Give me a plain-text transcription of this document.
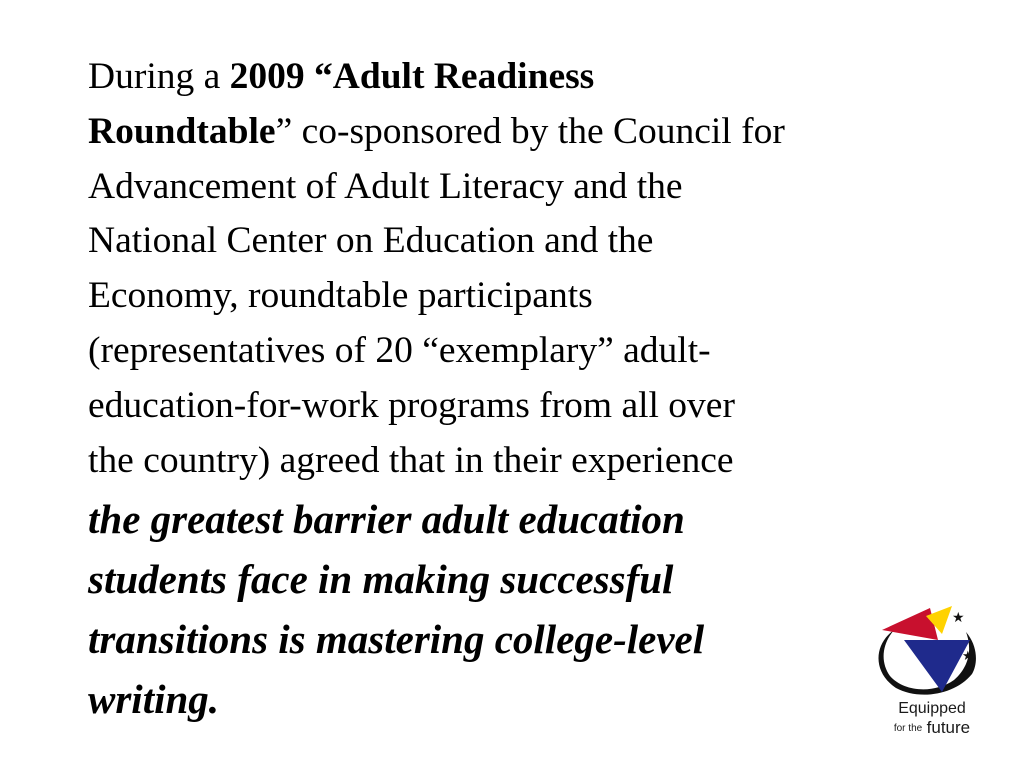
During a 2009 “Adult Readiness
Roundtable” co-sponsored by the Council for
Advancement of Adult Literacy and the
National Center on Education and the
Economy, roundtable participants
(representatives of 20 “exemplary” adult-
education-for-work programs from all over
the country) agreed that in their experience
the greatest barrier adult education
students face in making successful
transitions is mastering college-level
writing.
★
★
★
Equipped
for the future
